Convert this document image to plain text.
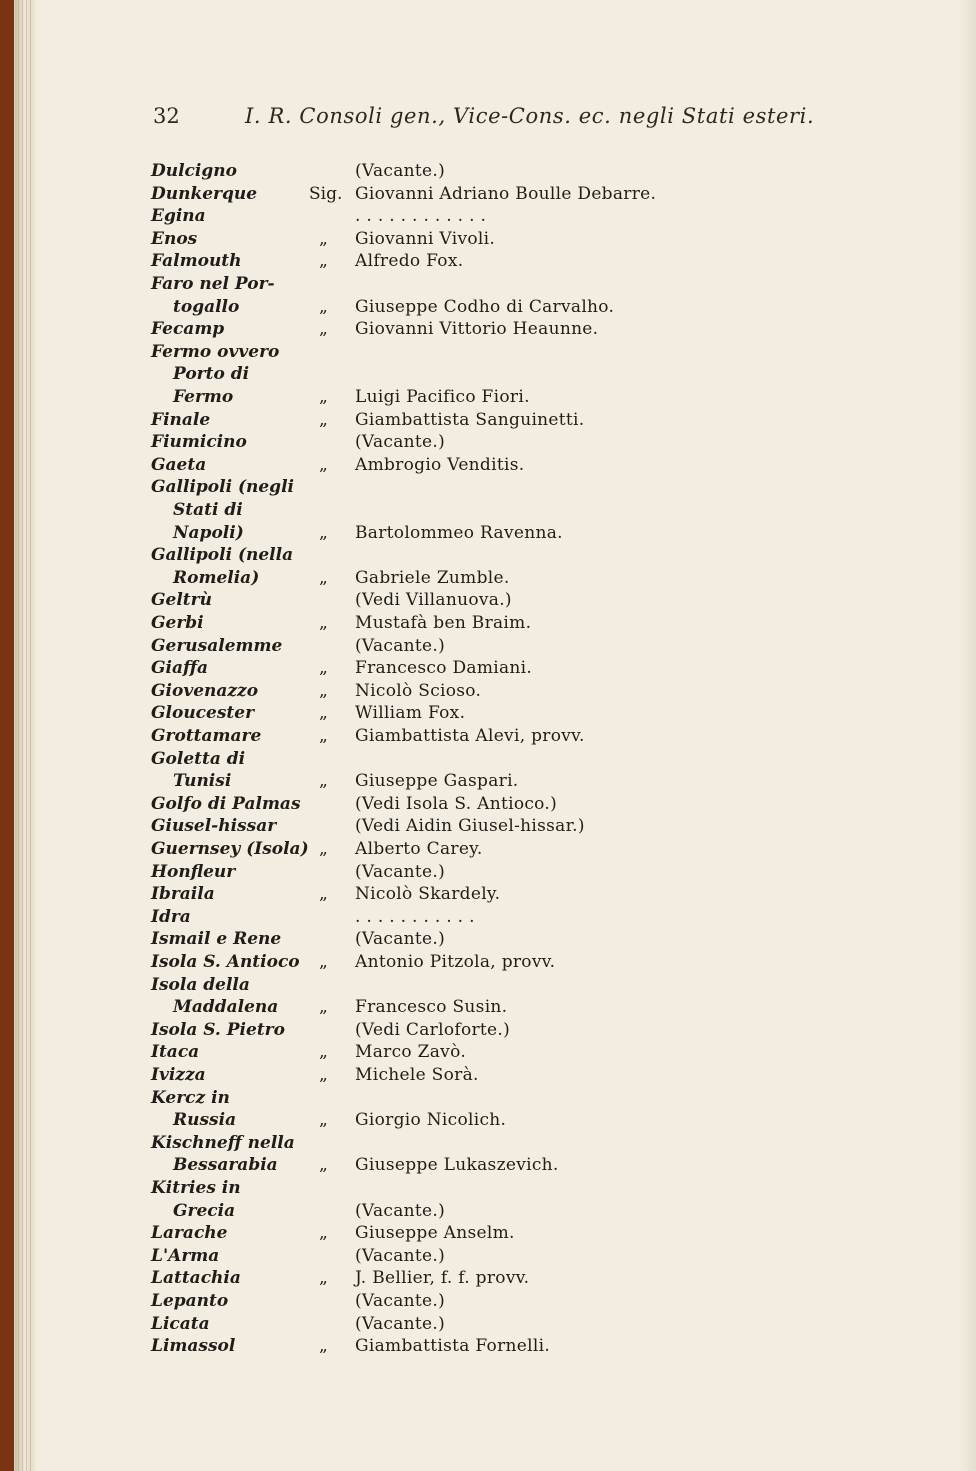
32	I. R. Consoli gen., Vice-Cons. ec. negli Stati esteri.
Dulcigno	(Vacante.)
Dunkerque	Sig. Giovanni Adriano Boulle Debarre.
Egina	. . . . . . . . . . . .
Enos	„ Giovanni Vivoli.
Falmouth	„ Alfredo Fox.
Faro nel Por-
togallo	„ Giuseppe Codho di Carvalho.
Fecamp	„ Giovanni Vittorio Heaunne.
Fermo ovvero
Porto di
Fermo	„ Luigi Pacifico Fiori.
Finale	„ Giambattista Sanguinetti.
Fiumicino	(Vacante.)
Gaeta	„ Ambrogio Venditis.
Gallipoli (negli
Stati di
Napoli)	„ Bartolommeo Ravenna.
Gallipoli (nella
Romelia)	„ Gabriele Zumble.
Geltrù	(Vedi Villanuova.)
Gerbi	„ Mustafà ben Braim.
Gerusalemme	(Vacante.)
Giaffa	„ Francesco Damiani.
Giovenazzo	„ Nicolò Scioso.
Gloucester	„ William Fox.
Grottamare	„ Giambattista Alevi, provv.
Goletta di
Tunisi	„ Giuseppe Gaspari.
Golfo di Palmas	(Vedi Isola S. Antioco.)
Giusel-hissar	(Vedi Aidin Giusel-hissar.)
Guernsey (Isola) „ Alberto Carey.
Honfleur	(Vacante.)
Ibraila	„ Nicolò Skardely.
Idra	. . . . . . . . . . .
Ismail e Rene	(Vacante.)
Isola S. Antioco „ Antonio Pitzola, provv.
Isola della
Maddalena „ Francesco Susin.
Isola S. Pietro	(Vedi Carloforte.)
Itaca	„ Marco Zavò.
Ivizza	„ Michele Sorà.
Kercz in
Russia	„ Giorgio Nicolich.
Kischneff nella
Bessarabia „ Giuseppe Lukaszevich.
Kitries in
Grecia	(Vacante.)
Larache	„ Giuseppe Anselm.
L'Arma	(Vacante.)
Lattachia	„ J. Bellier, f. f. provv.
Lepanto	(Vacante.)
Licata	(Vacante.)
Limassol	„ Giambattista Fornelli.
